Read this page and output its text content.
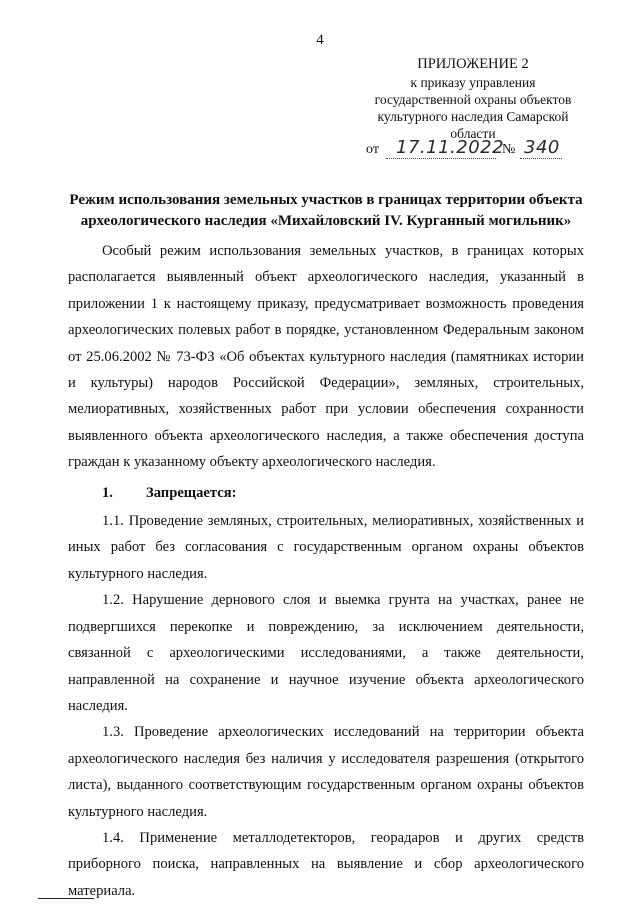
4
ПРИЛОЖЕНИЕ 2
к приказу управления
государственной охраны объектов
культурного наследия Самарской
области
от 17.11.2022
№ 340
Режим использования земельных участков в границах территории объекта
археологического наследия «Михайловский IV. Курганный могильник»

Особый режим использования земельных участков, в границах которых располагается выявленный объект археологического наследия, указанный в приложении 1 к настоящему приказу, предусматривает возможность проведения археологических полевых работ в порядке, установленном Федеральным законом от 25.06.2002 № 73-ФЗ «Об объектах культурного наследия (памятниках истории и культуры) народов Российской Федерации», земляных, строительных, мелиоративных, хозяйственных работ при условии обеспечения сохранности выявленного объекта археологического наследия, а также обеспечения доступа граждан к указанному объекту археологического наследия.

1. Запрещается:

1.1. Проведение земляных, строительных, мелиоративных, хозяйственных и иных работ без согласования с государственным органом охраны объектов культурного наследия.

1.2. Нарушение дернового слоя и выемка грунта на участках, ранее не подвергшихся перекопке и повреждению, за исключением деятельности, связанной с археологическими исследованиями, а также деятельности, направленной на сохранение и научное изучение объекта археологического наследия.

1.3. Проведение археологических исследований на территории объекта археологического наследия без наличия у исследователя разрешения (открытого листа), выданного соответствующим государственным органом охраны объектов культурного наследия.

1.4. Применение металлодетекторов, георадаров и других средств приборного поиска, направленных на выявление и сбор археологического материала.
